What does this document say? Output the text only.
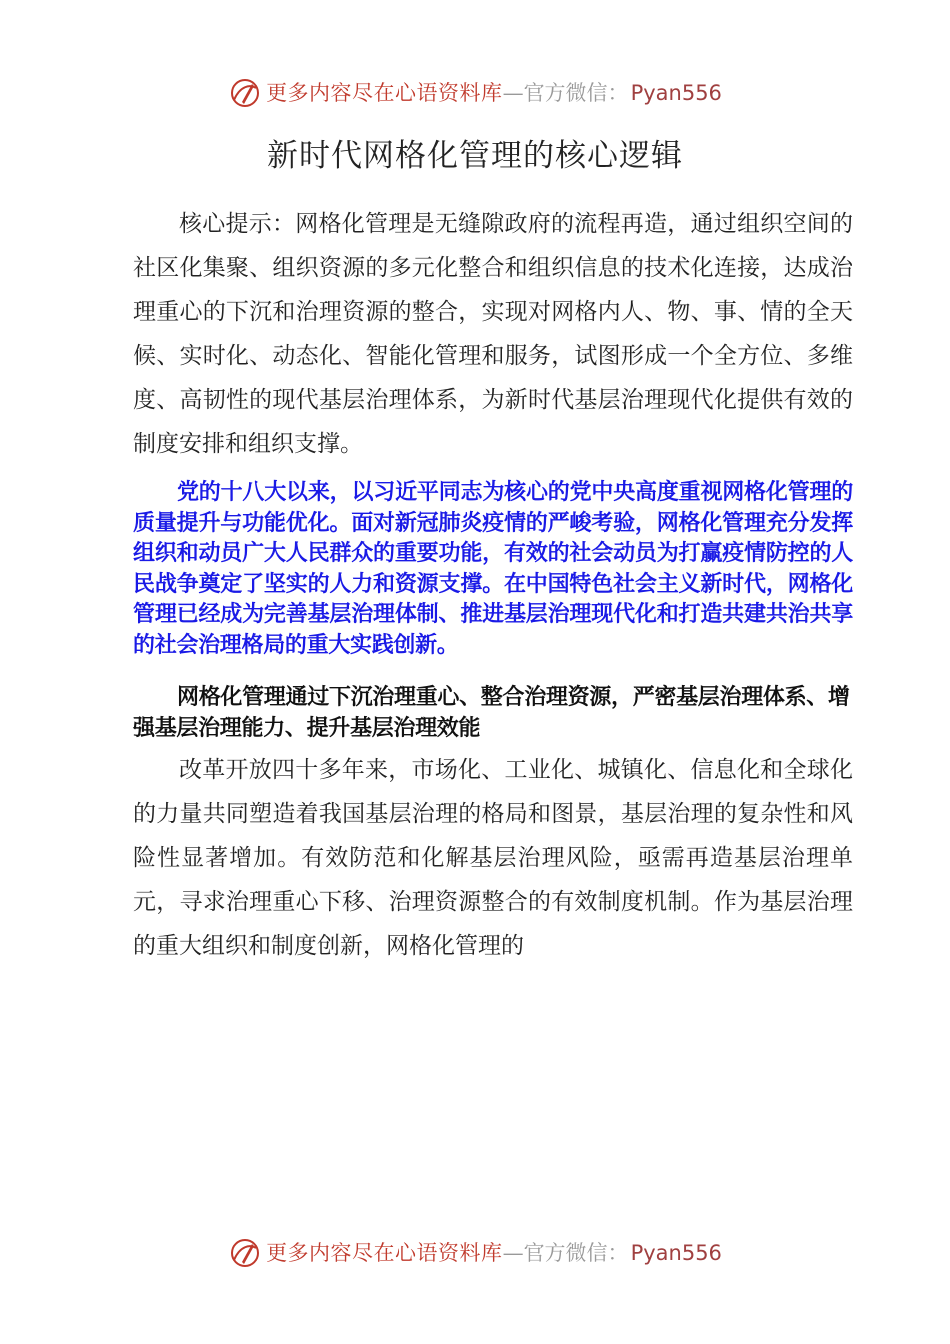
更多内容尽在心语资料库 — 官方微信： Pyan556
新时代网格化管理的核心逻辑

核心提示：网格化管理是无缝隙政府的流程再造，通过组织空间的社区化集聚、组织资源的多元化整合和组织信息的技术化连接，达成治理重心的下沉和治理资源的整合，实现对网格内人、物、事、情的全天候、实时化、动态化、智能化管理和服务，试图形成一个全方位、多维度、高韧性的现代基层治理体系，为新时代基层治理现代化提供有效的制度安排和组织支撑。

党的十八大以来，以习近平同志为核心的党中央高度重视网格化管理的质量提升与功能优化。面对新冠肺炎疫情的严峻考验，网格化管理充分发挥组织和动员广大人民群众的重要功能，有效的社会动员为打赢疫情防控的人民战争奠定了坚实的人力和资源支撑。在中国特色社会主义新时代，网格化管理已经成为完善基层治理体制、推进基层治理现代化和打造共建共治共享的社会治理格局的重大实践创新。

网格化管理通过下沉治理重心、整合治理资源，严密基层治理体系、增强基层治理能力、提升基层治理效能

改革开放四十多年来，市场化、工业化、城镇化、信息化和全球化的力量共同塑造着我国基层治理的格局和图景，基层治理的复杂性和风险性显著增加。有效防范和化解基层治理风险，亟需再造基层治理单元，寻求治理重心下移、治理资源整合的有效制度机制。作为基层治理的重大组织和制度创新，网格化管理的

更多内容尽在心语资料库 — 官方微信： Pyan556
